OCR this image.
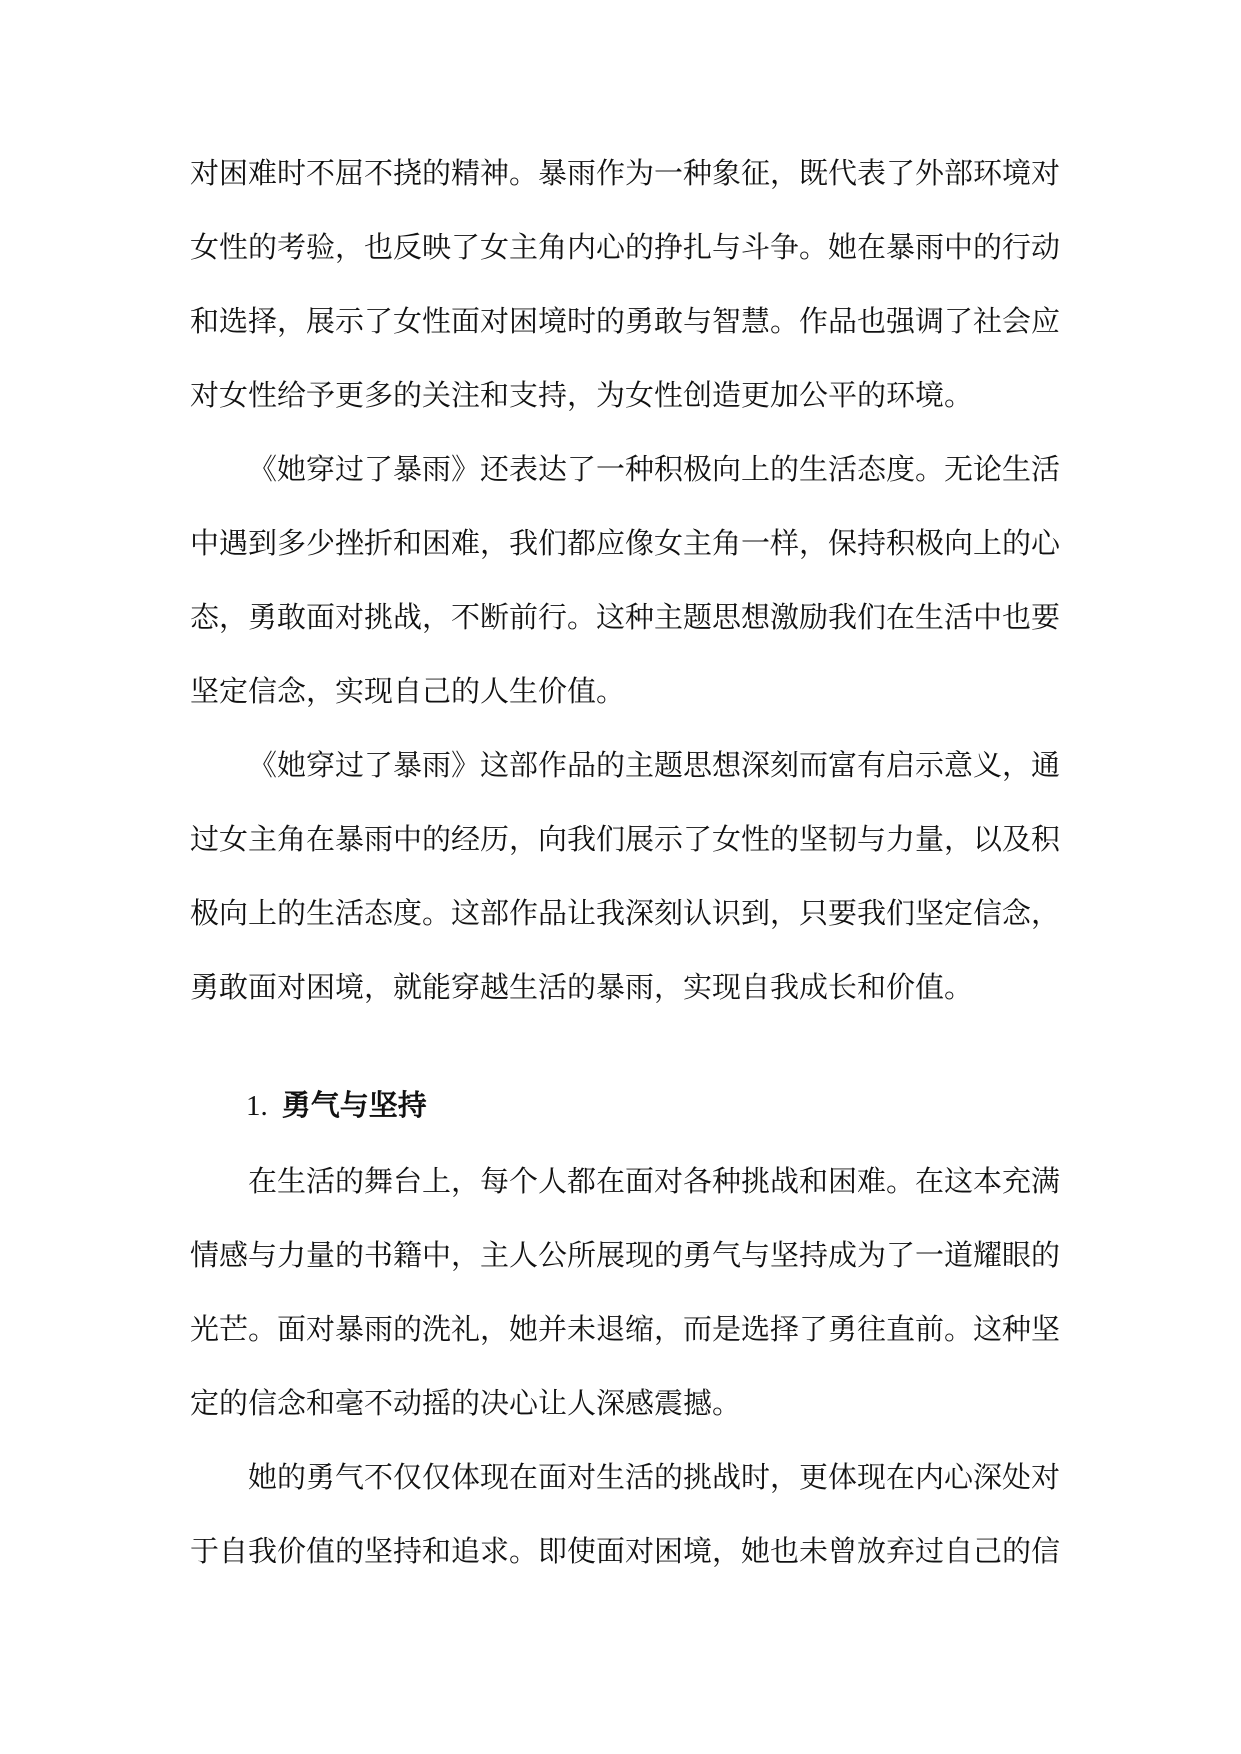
对困难时不屈不挠的精神。暴雨作为一种象征，既代表了外部环境对
女性的考验，也反映了女主角内心的挣扎与斗争。她在暴雨中的行动
和选择，展示了女性面对困境时的勇敢与智慧。作品也强调了社会应
对女性给予更多的关注和支持，为女性创造更加公平的环境。
《她穿过了暴雨》还表达了一种积极向上的生活态度。无论生活
中遇到多少挫折和困难，我们都应像女主角一样，保持积极向上的心
态，勇敢面对挑战，不断前行。这种主题思想激励我们在生活中也要
坚定信念，实现自己的人生价值。
《她穿过了暴雨》这部作品的主题思想深刻而富有启示意义，通
过女主角在暴雨中的经历，向我们展示了女性的坚韧与力量，以及积
极向上的生活态度。这部作品让我深刻认识到，只要我们坚定信念，
勇敢面对困境，就能穿越生活的暴雨，实现自我成长和价值。
1. 勇气与坚持
在生活的舞台上，每个人都在面对各种挑战和困难。在这本充满
情感与力量的书籍中，主人公所展现的勇气与坚持成为了一道耀眼的
光芒。面对暴雨的洗礼，她并未退缩，而是选择了勇往直前。这种坚
定的信念和毫不动摇的决心让人深感震撼。
她的勇气不仅仅体现在面对生活的挑战时，更体现在内心深处对
于自我价值的坚持和追求。即使面对困境，她也未曾放弃过自己的信
